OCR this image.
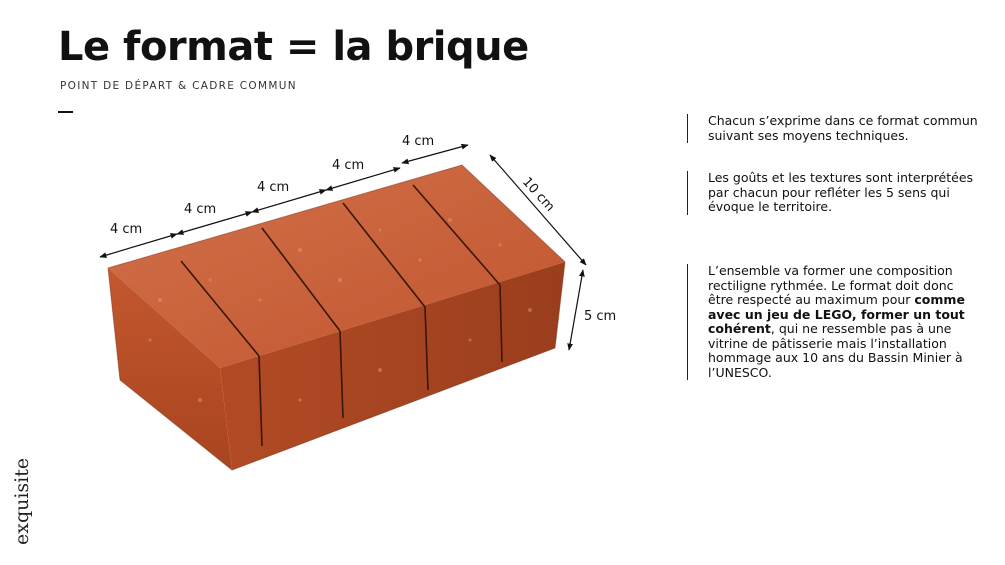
Le format = la brique
POINT DE DÉPART & CADRE COMMUN
4 cm
4 cm
4 cm
4 cm
4 cm
10 cm
5 cm

Chacun s’exprime dans ce format commun suivant ses moyens techniques.

Les goûts et les textures sont interprétées par chacun pour refléter les 5 sens qui évoque le territoire.

L’ensemble va former une composition rectiligne rythmée. Le format doit donc être respecté au maximum pour comme avec un jeu de LEGO, former un tout cohérent, qui ne ressemble pas à une vitrine de pâtisserie mais l’installation hommage aux 10 ans du Bassin Minier à l’UNESCO.

exquisite
